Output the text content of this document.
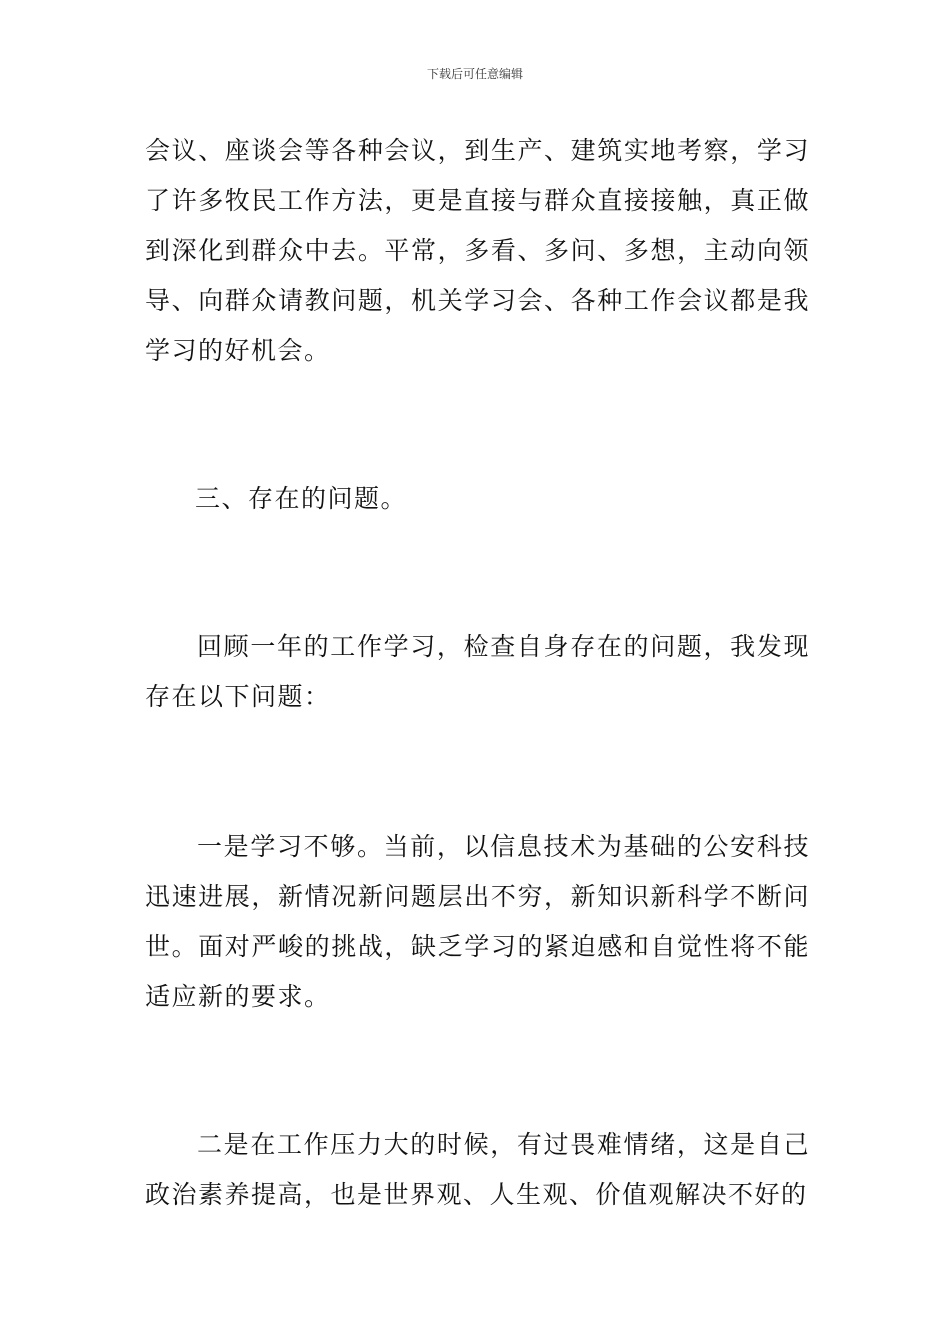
下载后可任意编辑

会议、座谈会等各种会议，到生产、建筑实地考察，学习了许多牧民工作方法，更是直接与群众直接接触，真正做到深化到群众中去。平常，多看、多问、多想，主动向领导、向群众请教问题，机关学习会、各种工作会议都是我学习的好机会。

三、存在的问题。

回顾一年的工作学习，检查自身存在的问题，我发现存在以下问题：

一是学习不够。当前，以信息技术为基础的公安科技迅速进展，新情况新问题层出不穷，新知识新科学不断问世。面对严峻的挑战，缺乏学习的紧迫感和自觉性将不能适应新的要求。

二是在工作压力大的时候，有过畏难情绪，这是自己政治素养提高，也是世界观、人生观、价值观解决不好的
